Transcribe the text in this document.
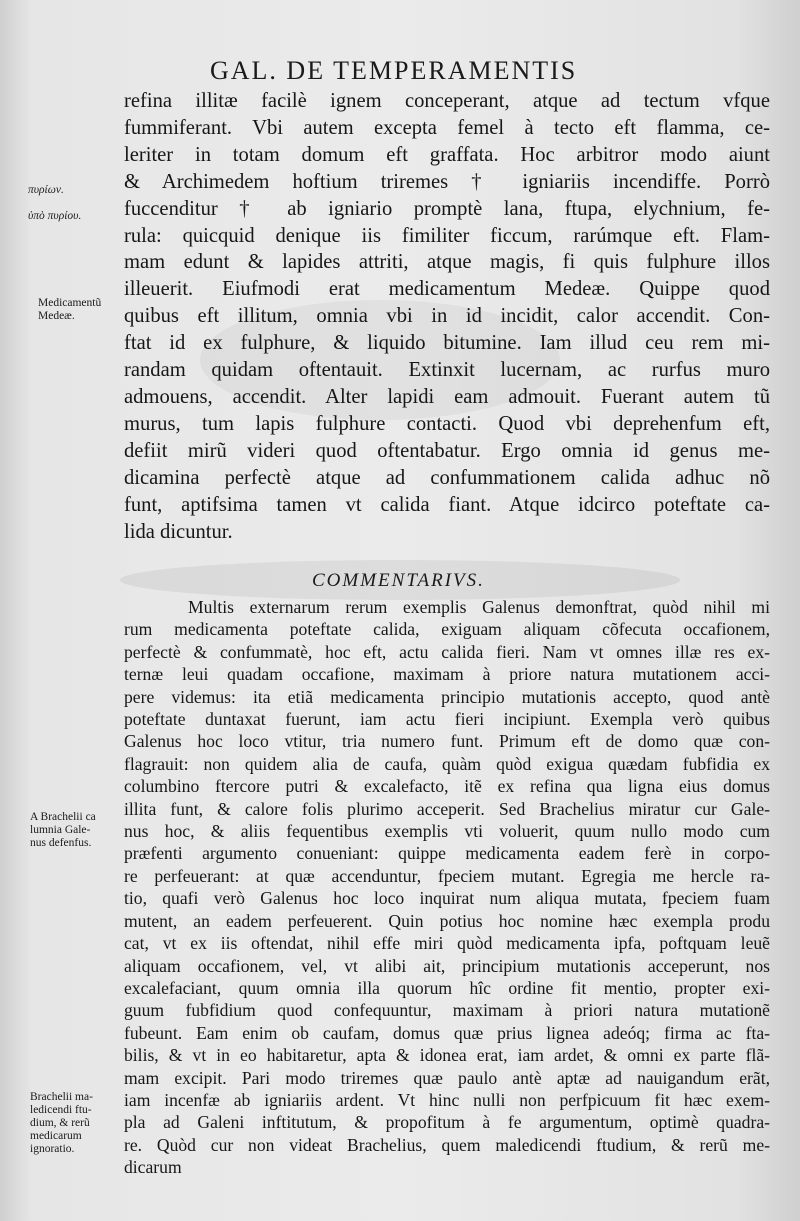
GAL. DE TEMPERAMENTIS
refina illitæ facilè ignem conceperant, atque ad tectum vfque
fummiferant. Vbi autem excepta femel à tecto eft flamma, ce-
leriter in totam domum eft graffata. Hoc arbitror modo aiunt
& Archimedem hoftium triremes † igniariis incendiffe. Porrò
fuccenditur † ab igniario promptè lana, ftupa, elychnium, fe-
rula: quicquid denique iis fimiliter ficcum, rarúmque eft. Flam-
mam edunt & lapides attriti, atque magis, fi quis fulphure illos
illeuerit. Eiufmodi erat medicamentum Medeæ. Quippe quod
quibus eft illitum, omnia vbi in id incidit, calor accendit. Con-
ftat id ex fulphure, & liquido bitumine. Iam illud ceu rem mi-
randam quidam oftentauit. Extinxit lucernam, ac rurfus muro
admouens, accendit. Alter lapidi eam admouit. Fuerant autem tũ
murus, tum lapis fulphure contacti. Quod vbi deprehenfum eft,
defiit mirũ videri quod oftentabatur. Ergo omnia id genus me-
dicamina perfectè atque ad confummationem calida adhuc nõ
funt, aptifsima tamen vt calida fiant. Atque idcirco poteftate ca-
lida dicuntur.
COMMENTARIVS.
Multis externarum rerum exemplis Galenus demonftrat, quòd nihil mi
rum medicamenta poteftate calida, exiguam aliquam cõfecuta occafionem,
perfectè & confummatè, hoc eft, actu calida fieri. Nam vt omnes illæ res ex-
ternæ leui quadam occafione, maximam à priore natura mutationem acci-
pere videmus: ita etiã medicamenta principio mutationis accepto, quod antè
poteftate duntaxat fuerunt, iam actu fieri incipiunt. Exempla verò quibus
Galenus hoc loco vtitur, tria numero funt. Primum eft de domo quæ con-
flagrauit: non quidem alia de caufa, quàm quòd exigua quædam fubfidia ex
columbino ftercore putri & excalefacto, itẽ ex refina qua ligna eius domus
illita funt, & calore folis plurimo acceperit. Sed Brachelius miratur cur Gale-
nus hoc, & aliis fequentibus exemplis vti voluerit, quum nullo modo cum
præfenti argumento conueniant: quippe medicamenta eadem ferè in corpo-
re perfeuerant: at quæ accenduntur, fpeciem mutant. Egregia me hercle ra-
tio, quafi verò Galenus hoc loco inquirat num aliqua mutata, fpeciem fuam
mutent, an eadem perfeuerent. Quin potius hoc nomine hæc exempla produ
cat, vt ex iis oftendat, nihil effe miri quòd medicamenta ipfa, poftquam leuẽ
aliquam occafionem, vel, vt alibi ait, principium mutationis acceperunt, nos
excalefaciant, quum omnia illa quorum hîc ordine fit mentio, propter exi-
guum fubfidium quod confequuntur, maximam à priori natura mutationẽ
fubeunt. Eam enim ob caufam, domus quæ prius lignea adeóq; firma ac fta-
bilis, & vt in eo habitaretur, apta & idonea erat, iam ardet, & omni ex parte flã-
mam excipit. Pari modo triremes quæ paulo antè aptæ ad nauigandum erãt,
iam incenfæ ab igniariis ardent. Vt hinc nulli non perfpicuum fit hæc exem-
pla ad Galeni inftitutum, & propofitum à fe argumentum, optimè quadra-
re. Quòd cur non videat Brachelius, quem maledicendi ftudium, & rerũ me-
dicarum
πυρίων.
ὑπὸ πυρίου.
Medicamentũ
Medeæ.
A Brachelii ca
lumnia Gale-
nus defenfus.
Brachelii ma-
ledicendi ftu-
dium, & rerũ
medicarum
ignoratio.
